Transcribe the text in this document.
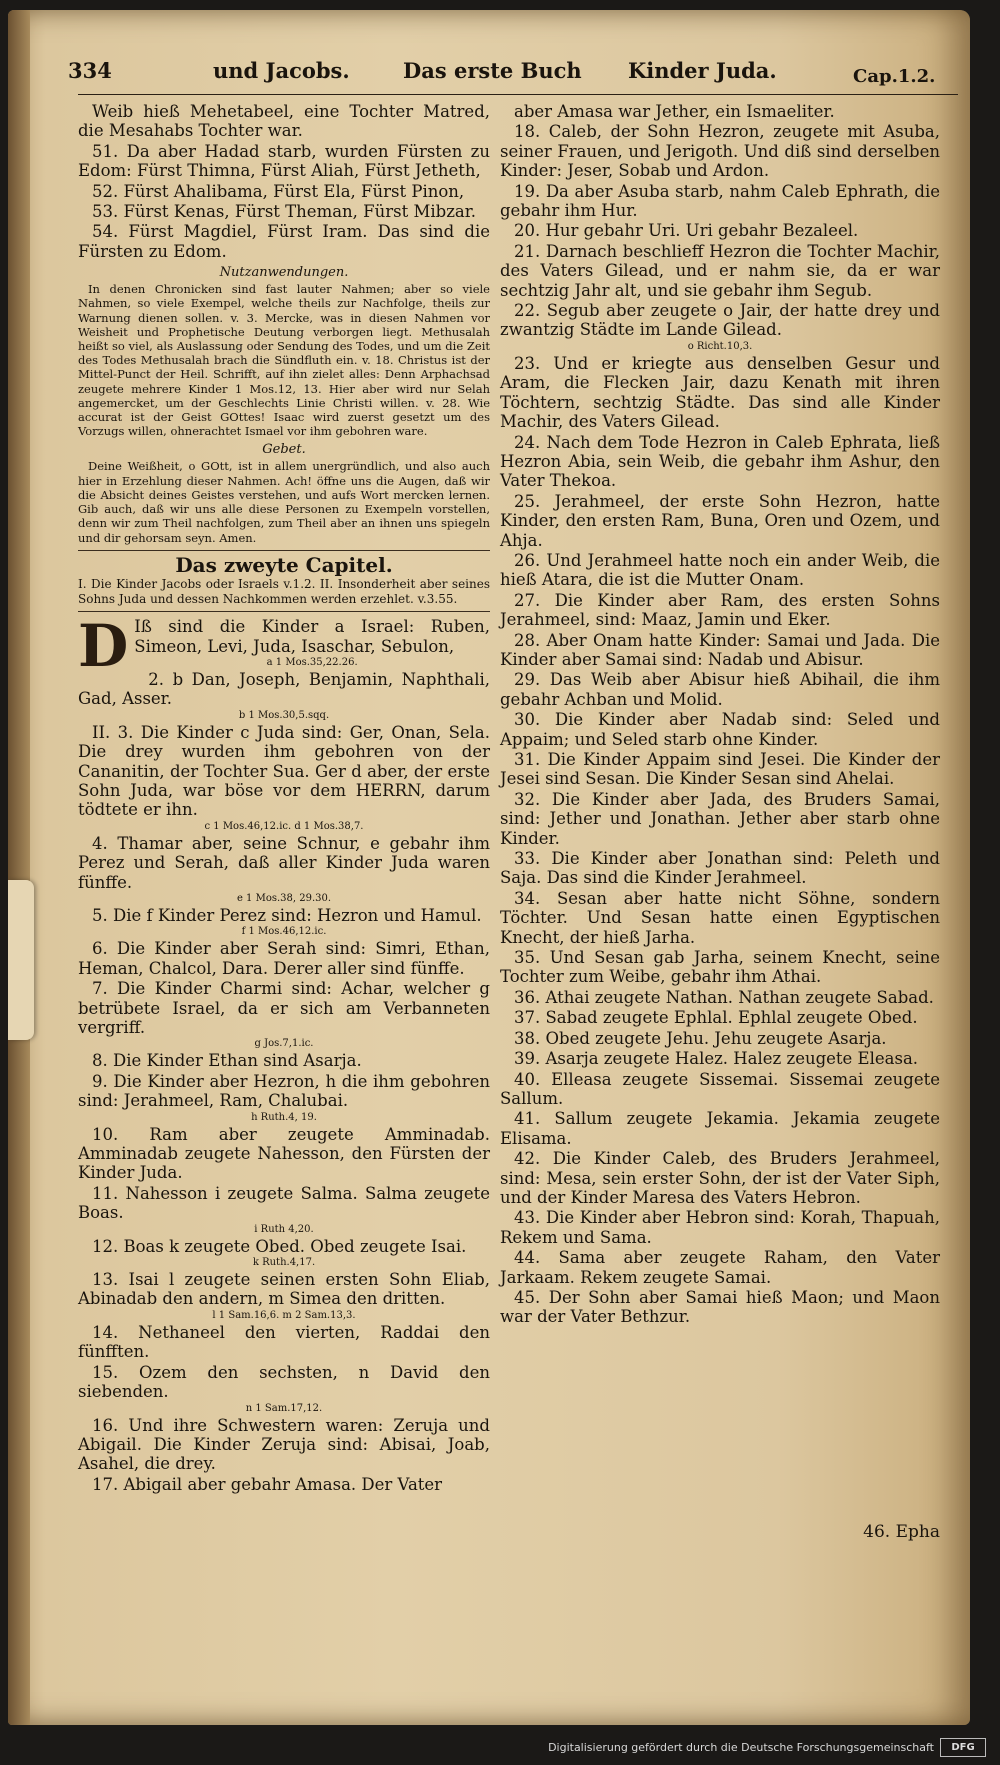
334	und Jacobs.	Das erste Buch Kinder Juda.	Cap.1.2.

Weib hieß Mehetabeel, eine Tochter Matred, die Mesahabs Tochter war.

51. Da aber Hadad starb, wurden Fürsten zu Edom: Fürst Thimna, Fürst Aliah, Fürst Jetheth,

52. Fürst Ahalibama, Fürst Ela, Fürst Pinon,

53. Fürst Kenas, Fürst Theman, Fürst Mibzar.

54. Fürst Magdiel, Fürst Iram. Das sind die Fürsten zu Edom.

Nutzanwendungen.

In denen Chronicken sind fast lauter Nahmen; aber so viele Nahmen, so viele Exempel, welche theils zur Nachfolge, theils zur Warnung dienen sollen. v. 3. Mercke, was in diesen Nahmen vor Weisheit und Prophetische Deutung verborgen liegt. Methusalah heißt so viel, als Auslassung oder Sendung des Todes, und um die Zeit des Todes Methusalah brach die Sündfluth ein. v. 18. Christus ist der Mittel-Punct der Heil. Schrifft, auf ihn zielet alles: Denn Arphachsad zeugete mehrere Kinder 1 Mos.12, 13. Hier aber wird nur Selah angemercket, um der Geschlechts Linie Christi willen. v. 28. Wie accurat ist der Geist GOttes! Isaac wird zuerst gesetzt um des Vorzugs willen, ohnerachtet Ismael vor ihm gebohren ware.

Gebet.

Deine Weißheit, o GOtt, ist in allem unergründlich, und also auch hier in Erzehlung dieser Nahmen. Ach! öffne uns die Augen, daß wir die Absicht deines Geistes verstehen, und aufs Wort mercken lernen. Gib auch, daß wir uns alle diese Personen zu Exempeln vorstellen, denn wir zum Theil nachfolgen, zum Theil aber an ihnen uns spiegeln und dir gehorsam seyn. Amen.

Das zweyte Capitel.

I. Die Kinder Jacobs oder Israels v.1.2. II. Insonderheit aber seines Sohns Juda und dessen Nachkommen werden erzehlet. v.3.55.

D Iß sind die Kinder a Israel: Ruben, Simeon, Levi, Juda, Isaschar, Sebulon,

a 1 Mos.35,22.26.

2. b Dan, Joseph, Benjamin, Naphthali, Gad, Asser.

b 1 Mos.30,5.sqq.

II. 3. Die Kinder c Juda sind: Ger, Onan, Sela. Die drey wurden ihm gebohren von der Cananitin, der Tochter Sua. Ger d aber, der erste Sohn Juda, war böse vor dem HERRN, darum tödtete er ihn.

c 1 Mos.46,12.ic. d 1 Mos.38,7.

4. Thamar aber, seine Schnur, e gebahr ihm Perez und Serah, daß aller Kinder Juda waren fünffe.

e 1 Mos.38, 29.30.

5. Die f Kinder Perez sind: Hezron und Hamul.

f 1 Mos.46,12.ic.

6. Die Kinder aber Serah sind: Simri, Ethan, Heman, Chalcol, Dara. Derer aller sind fünffe.

7. Die Kinder Charmi sind: Achar, welcher g betrübete Israel, da er sich am Verbanneten vergriff.

g Jos.7,1.ic.

8. Die Kinder Ethan sind Asarja.

9. Die Kinder aber Hezron, h die ihm gebohren sind: Jerahmeel, Ram, Chalubai.

h Ruth.4, 19.

10. Ram aber zeugete Amminadab. Amminadab zeugete Nahesson, den Fürsten der Kinder Juda.

11. Nahesson i zeugete Salma. Salma zeugete Boas.

i Ruth 4,20.

12. Boas k zeugete Obed. Obed zeugete Isai.

k Ruth.4,17.

13. Isai l zeugete seinen ersten Sohn Eliab, Abinadab den andern, m Simea den dritten.

l 1 Sam.16,6. m 2 Sam.13,3.

14. Nethaneel den vierten, Raddai den fünfften.

15. Ozem den sechsten, n David den siebenden.

n 1 Sam.17,12.

16. Und ihre Schwestern waren: Zeruja und Abigail. Die Kinder Zeruja sind: Abisai, Joab, Asahel, die drey.

17. Abigail aber gebahr Amasa. Der Vater

aber Amasa war Jether, ein Ismaeliter.

18. Caleb, der Sohn Hezron, zeugete mit Asuba, seiner Frauen, und Jerigoth. Und diß sind derselben Kinder: Jeser, Sobab und Ardon.

19. Da aber Asuba starb, nahm Caleb Ephrath, die gebahr ihm Hur.

20. Hur gebahr Uri. Uri gebahr Bezaleel.

21. Darnach beschlieff Hezron die Tochter Machir, des Vaters Gilead, und er nahm sie, da er war sechtzig Jahr alt, und sie gebahr ihm Segub.

22. Segub aber zeugete o Jair, der hatte drey und zwantzig Städte im Lande Gilead.

o Richt.10,3.

23. Und er kriegte aus denselben Gesur und Aram, die Flecken Jair, dazu Kenath mit ihren Töchtern, sechtzig Städte. Das sind alle Kinder Machir, des Vaters Gilead.

24. Nach dem Tode Hezron in Caleb Ephrata, ließ Hezron Abia, sein Weib, die gebahr ihm Ashur, den Vater Thekoa.

25. Jerahmeel, der erste Sohn Hezron, hatte Kinder, den ersten Ram, Buna, Oren und Ozem, und Ahja.

26. Und Jerahmeel hatte noch ein ander Weib, die hieß Atara, die ist die Mutter Onam.

27. Die Kinder aber Ram, des ersten Sohns Jerahmeel, sind: Maaz, Jamin und Eker.

28. Aber Onam hatte Kinder: Samai und Jada. Die Kinder aber Samai sind: Nadab und Abisur.

29. Das Weib aber Abisur hieß Abihail, die ihm gebahr Achban und Molid.

30. Die Kinder aber Nadab sind: Seled und Appaim; und Seled starb ohne Kinder.

31. Die Kinder Appaim sind Jesei. Die Kinder der Jesei sind Sesan. Die Kinder Sesan sind Ahelai.

32. Die Kinder aber Jada, des Bruders Samai, sind: Jether und Jonathan. Jether aber starb ohne Kinder.

33. Die Kinder aber Jonathan sind: Peleth und Saja. Das sind die Kinder Jerahmeel.

34. Sesan aber hatte nicht Söhne, sondern Töchter. Und Sesan hatte einen Egyptischen Knecht, der hieß Jarha.

35. Und Sesan gab Jarha, seinem Knecht, seine Tochter zum Weibe, gebahr ihm Athai.

36. Athai zeugete Nathan. Nathan zeugete Sabad.

37. Sabad zeugete Ephlal. Ephlal zeugete Obed.

38. Obed zeugete Jehu. Jehu zeugete Asarja.

39. Asarja zeugete Halez. Halez zeugete Eleasa.

40. Elleasa zeugete Sissemai. Sissemai zeugete Sallum.

41. Sallum zeugete Jekamia. Jekamia zeugete Elisama.

42. Die Kinder Caleb, des Bruders Jerahmeel, sind: Mesa, sein erster Sohn, der ist der Vater Siph, und der Kinder Maresa des Vaters Hebron.

43. Die Kinder aber Hebron sind: Korah, Thapuah, Rekem und Sama.

44. Sama aber zeugete Raham, den Vater Jarkaam. Rekem zeugete Samai.

45. Der Sohn aber Samai hieß Maon; und Maon war der Vater Bethzur.

46. Epha
Digitalisierung gefördert durch die Deutsche Forschungsgemeinschaft	DFG
